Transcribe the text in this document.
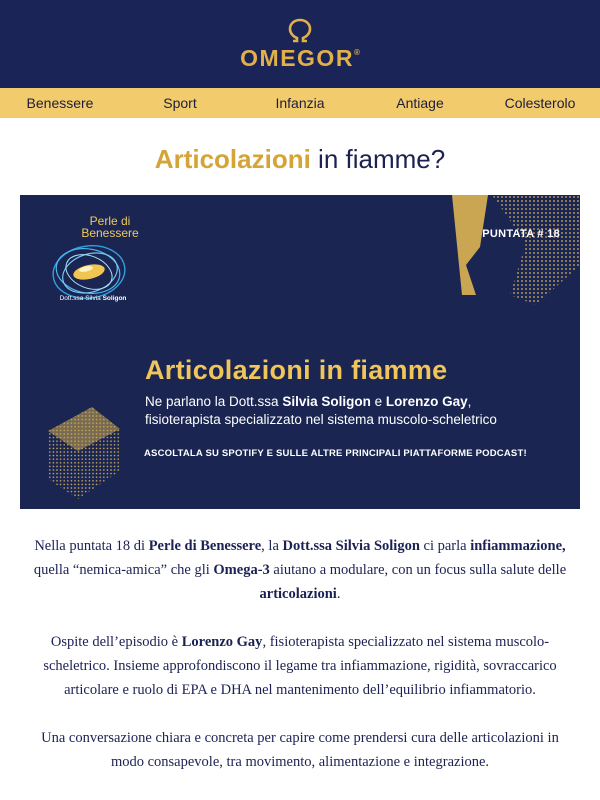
OMEGOR®
Benessere	Sport	Infanzia	Antiage	Colesterolo
Articolazioni in fiamme?
Perle di
Benessere
Dott.ssa Silvia Soligon
PUNTATA # 18
Articolazioni in fiamme
Ne parlano la Dott.ssa Silvia Soligon e Lorenzo Gay,
fisioterapista specializzato nel sistema muscolo-scheletrico
ASCOLTALA SU SPOTIFY E SULLE ALTRE PRINCIPALI PIATTAFORME PODCAST!

Nella puntata 18 di Perle di Benessere, la Dott.ssa Silvia Soligon ci parla infiammazione, quella “nemica-amica” che gli Omega-3 aiutano a modulare, con un focus sulla salute delle articolazioni.

Ospite dell’episodio è Lorenzo Gay, fisioterapista specializzato nel sistema muscolo-scheletrico. Insieme approfondiscono il legame tra infiammazione, rigidità, sovraccarico articolare e ruolo di EPA e DHA nel mantenimento dell’equilibrio infiammatorio.

Una conversazione chiara e concreta per capire come prendersi cura delle articolazioni in modo consapevole, tra movimento, alimentazione e integrazione.
